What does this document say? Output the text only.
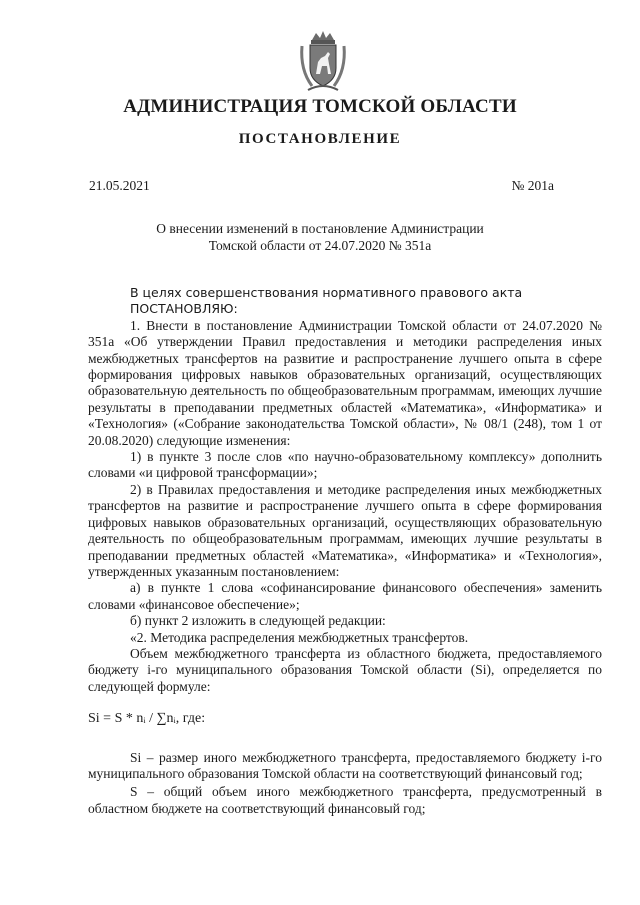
АДМИНИСТРАЦИЯ ТОМСКОЙ ОБЛАСТИ
ПОСТАНОВЛЕНИЕ
21.05.2021	№ 201а
О внесении изменений в постановление Администрации
Томской области от 24.07.2020 № 351а

В целях совершенствования нормативного правового акта

ПОСТАНОВЛЯЮ:

1. Внести в постановление Администрации Томской области от 24.07.2020 № 351а «Об утверждении Правил предоставления и методики распределения иных межбюджетных трансфертов на развитие и распространение лучшего опыта в сфере формирования цифровых навыков образовательных организаций, осуществляющих образовательную деятельность по общеобразовательным программам, имеющих лучшие результаты в преподавании предметных областей «Математика», «Информатика» и «Технология» («Собрание законодательства Томской области», № 08/1 (248), том 1 от 20.08.2020) следующие изменения:

1) в пункте 3 после слов «по научно-образовательному комплексу» дополнить словами «и цифровой трансформации»;

2) в Правилах предоставления и методике распределения иных межбюджетных трансфертов на развитие и распространение лучшего опыта в сфере формирования цифровых навыков образовательных организаций, осуществляющих образовательную деятельность по общеобразовательным программам, имеющих лучшие результаты в преподавании предметных областей «Математика», «Информатика» и «Технология», утвержденных указанным постановлением:

а) в пункте 1 слова «софинансирование финансового обеспечения» заменить словами «финансовое обеспечение»;

б) пункт 2 изложить в следующей редакции:

«2. Методика распределения межбюджетных трансфертов.

Объем межбюджетного трансферта из областного бюджета, предоставляемого бюджету i-го муниципального образования Томской области (Si), определяется по следующей формуле:

Si = S * nᵢ / ∑nᵢ, где:

Si – размер иного межбюджетного трансферта, предоставляемого бюджету i-го муниципального образования Томской области на соответствующий финансовый год;

S – общий объем иного межбюджетного трансферта, предусмотренный в областном бюджете на соответствующий финансовый год;
